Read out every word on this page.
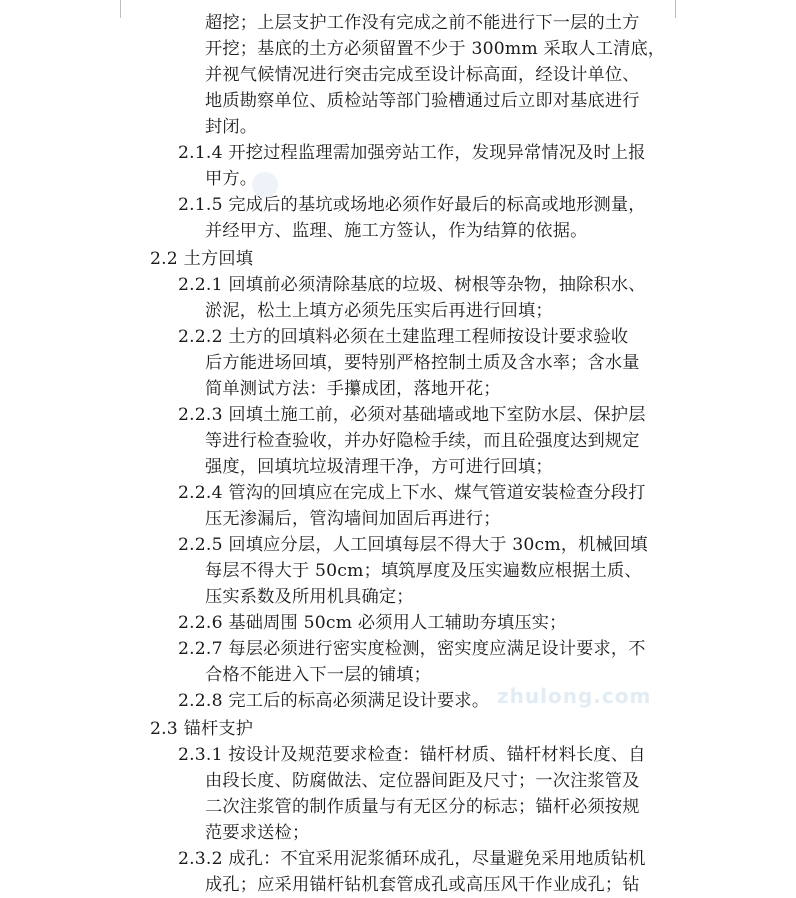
zhulong.com
超挖；上层支护工作没有完成之前不能进行下一层的土方
开挖；基底的土方必须留置不少于 300mm 采取人工清底，
并视气候情况进行突击完成至设计标高面，经设计单位、
地质勘察单位、质检站等部门验槽通过后立即对基底进行
封闭。
2.1.4 开挖过程监理需加强旁站工作，发现异常情况及时上报
甲方。
2.1.5 完成后的基坑或场地必须作好最后的标高或地形测量，
并经甲方、监理、施工方签认，作为结算的依据。
2.2 土方回填
2.2.1 回填前必须清除基底的垃圾、树根等杂物，抽除积水、
淤泥，松土上填方必须先压实后再进行回填；
2.2.2 土方的回填料必须在土建监理工程师按设计要求验收
后方能进场回填，要特别严格控制土质及含水率；含水量
简单测试方法：手攥成团，落地开花；
2.2.3 回填土施工前，必须对基础墙或地下室防水层、保护层
等进行检查验收，并办好隐检手续，而且砼强度达到规定
强度，回填坑垃圾清理干净，方可进行回填；
2.2.4 管沟的回填应在完成上下水、煤气管道安装检查分段打
压无渗漏后，管沟墙间加固后再进行；
2.2.5 回填应分层，人工回填每层不得大于 30cm，机械回填
每层不得大于 50cm；填筑厚度及压实遍数应根据土质、
压实系数及所用机具确定；
2.2.6 基础周围 50cm 必须用人工辅助夯填压实；
2.2.7 每层必须进行密实度检测，密实度应满足设计要求，不
合格不能进入下一层的铺填；
2.2.8 完工后的标高必须满足设计要求。
2.3 锚杆支护
2.3.1 按设计及规范要求检查：锚杆材质、锚杆材料长度、自
由段长度、防腐做法、定位器间距及尺寸；一次注浆管及
二次注浆管的制作质量与有无区分的标志；锚杆必须按规
范要求送检；
2.3.2 成孔：不宜采用泥浆循环成孔，尽量避免采用地质钻机
成孔；应采用锚杆钻机套管成孔或高压风干作业成孔；钻
